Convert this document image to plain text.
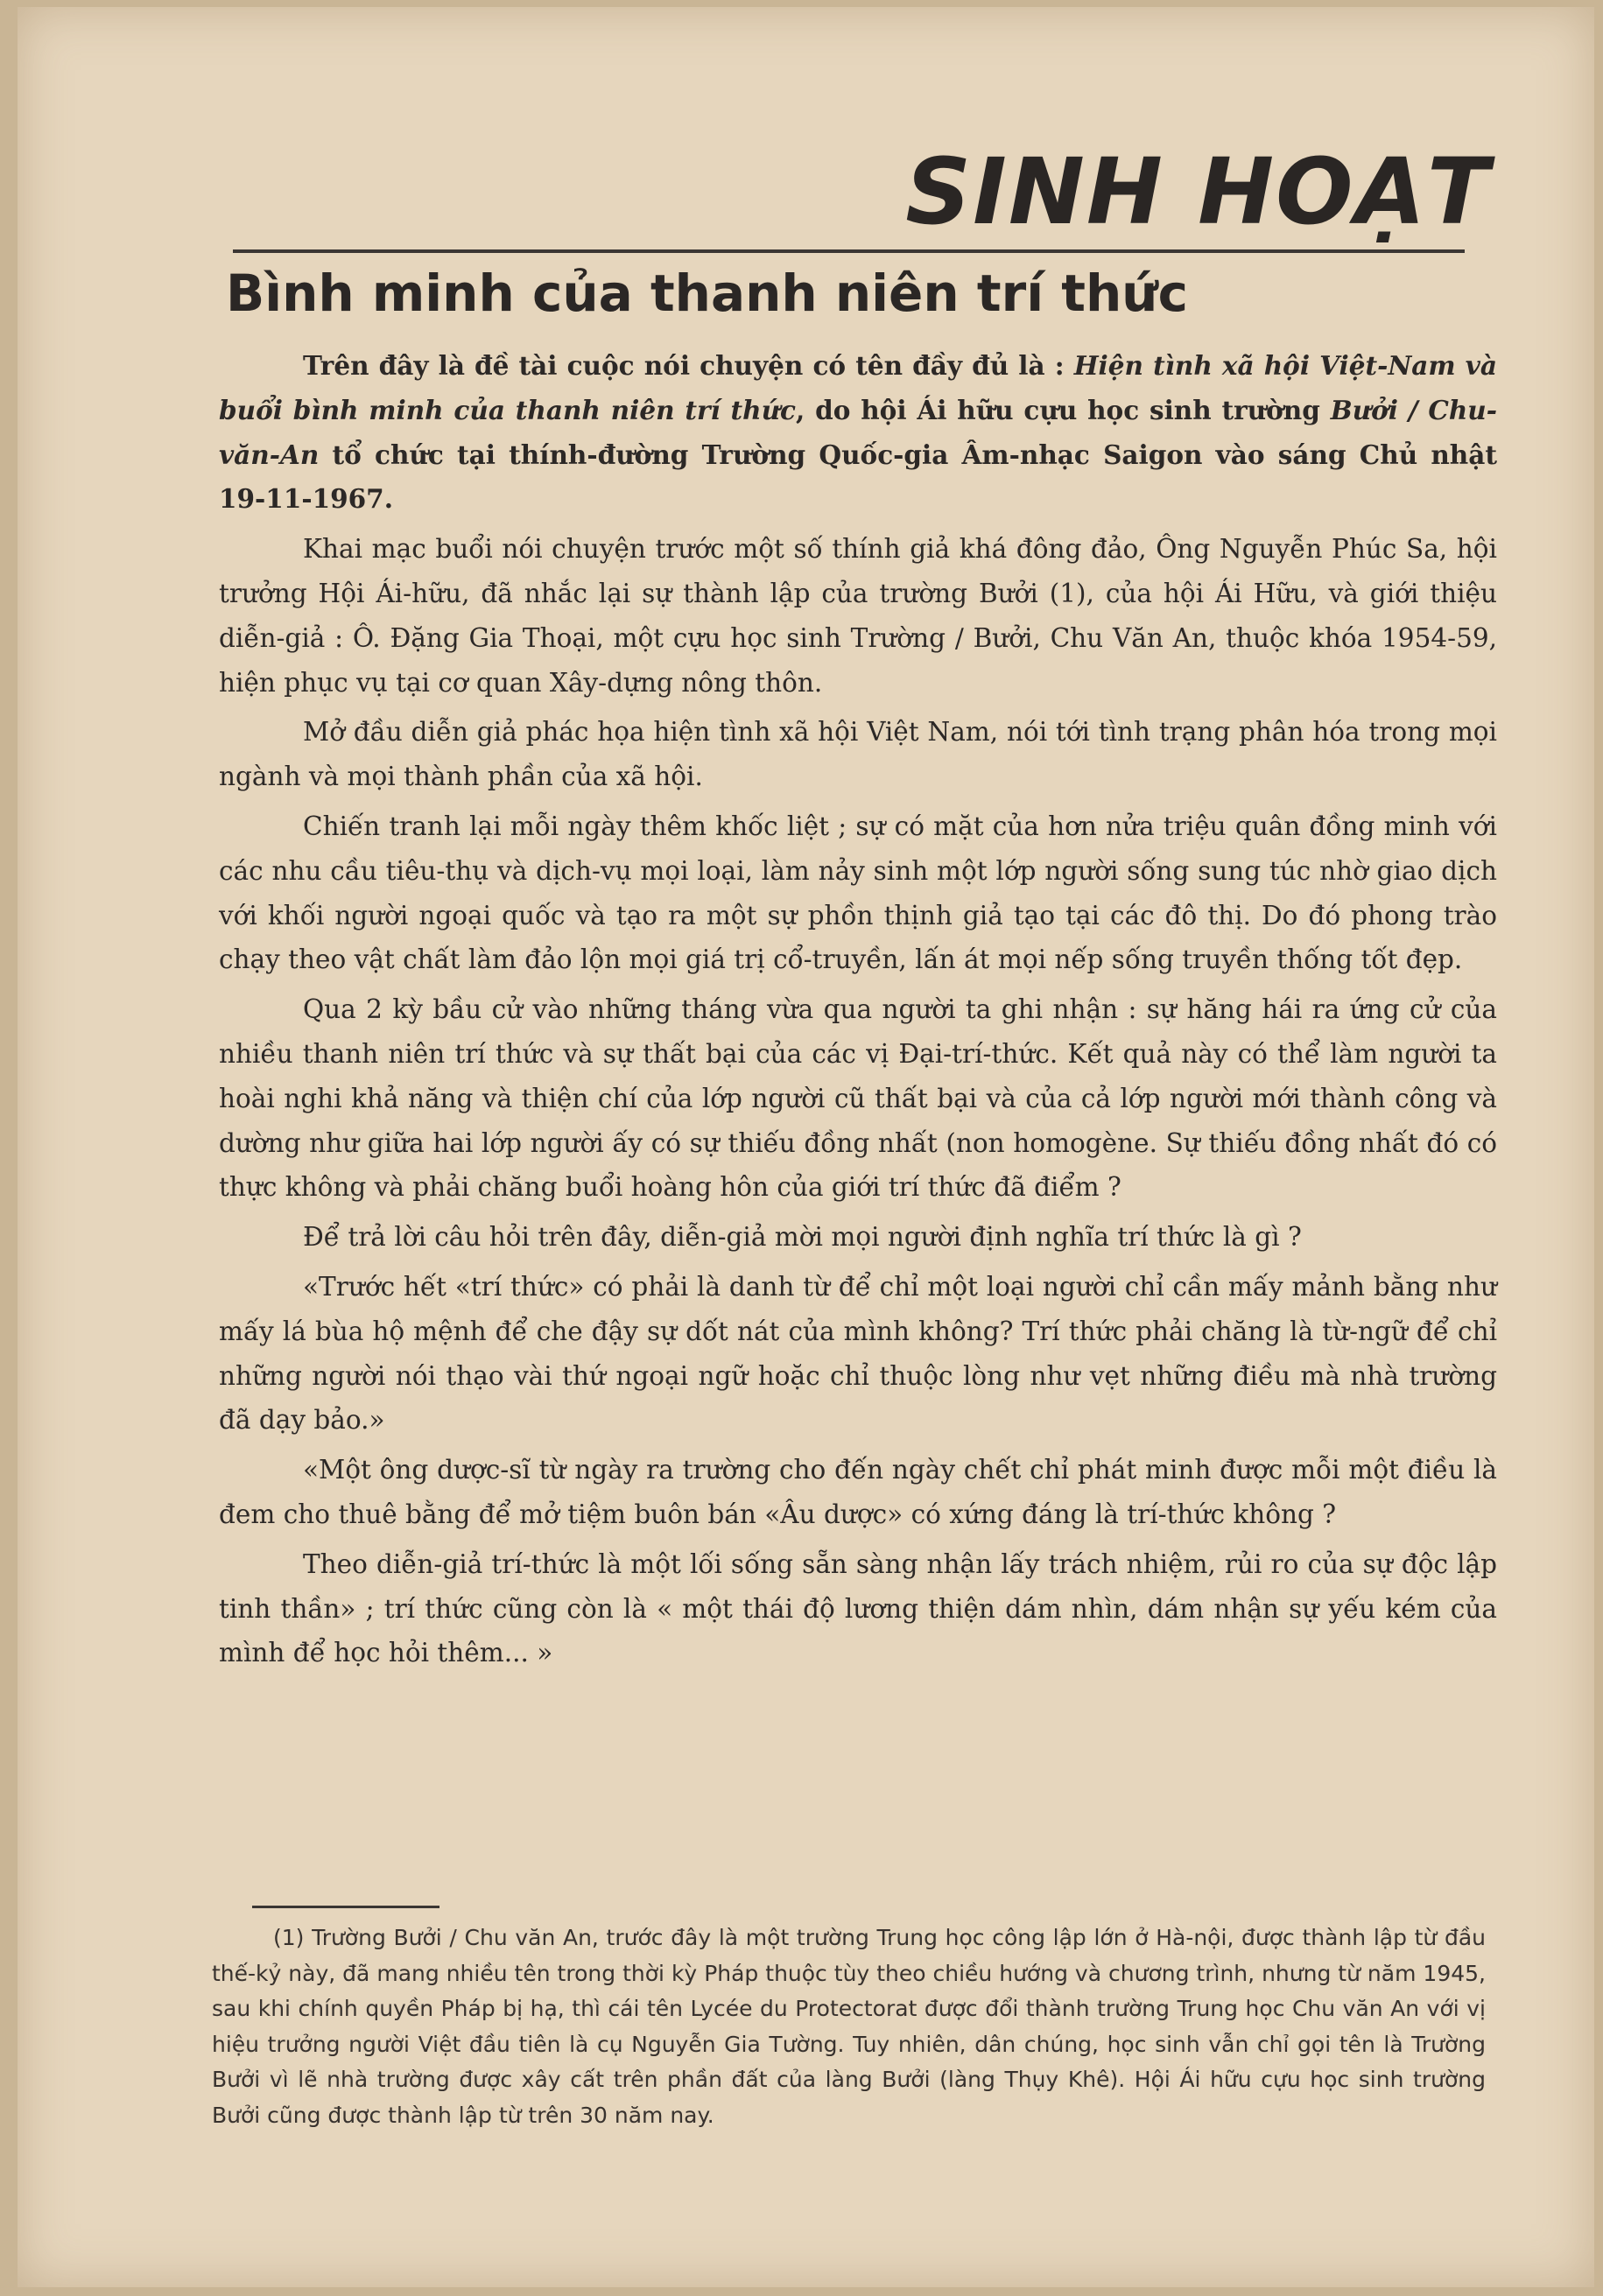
SINH HOẠT
Bình minh của thanh niên trí thức

Trên đây là đề tài cuộc nói chuyện có tên đầy đủ là : Hiện tình xã hội Việt-Nam và buổi bình minh của thanh niên trí thức, do hội Ái hữu cựu học sinh trường Bưởi / Chu-văn-An tổ chức tại thính-đường Trường Quốc-gia Âm-nhạc Saigon vào sáng Chủ nhật 19-11-1967.

Khai mạc buổi nói chuyện trước một số thính giả khá đông đảo, Ông Nguyễn Phúc Sa, hội trưởng Hội Ái-hữu, đã nhắc lại sự thành lập của trường Bưởi (1), của hội Ái Hữu, và giới thiệu diễn-giả : Ô. Đặng Gia Thoại, một cựu học sinh Trường / Bưởi, Chu Văn An, thuộc khóa 1954-59, hiện phục vụ tại cơ quan Xây-dựng nông thôn.

Mở đầu diễn giả phác họa hiện tình xã hội Việt Nam, nói tới tình trạng phân hóa trong mọi ngành và mọi thành phần của xã hội.

Chiến tranh lại mỗi ngày thêm khốc liệt ; sự có mặt của hơn nửa triệu quân đồng minh với các nhu cầu tiêu-thụ và dịch-vụ mọi loại, làm nảy sinh một lớp người sống sung túc nhờ giao dịch với khối người ngoại quốc và tạo ra một sự phồn thịnh giả tạo tại các đô thị. Do đó phong trào chạy theo vật chất làm đảo lộn mọi giá trị cổ-truyền, lấn át mọi nếp sống truyền thống tốt đẹp.

Qua 2 kỳ bầu cử vào những tháng vừa qua người ta ghi nhận : sự hăng hái ra ứng cử của nhiều thanh niên trí thức và sự thất bại của các vị Đại-trí-thức. Kết quả này có thể làm người ta hoài nghi khả năng và thiện chí của lớp người cũ thất bại và của cả lớp người mới thành công và dường như giữa hai lớp người ấy có sự thiếu đồng nhất (non homogène. Sự thiếu đồng nhất đó có thực không và phải chăng buổi hoàng hôn của giới trí thức đã điểm ?

Để trả lời câu hỏi trên đây, diễn-giả mời mọi người định nghĩa trí thức là gì ?

«Trước hết «trí thức» có phải là danh từ để chỉ một loại người chỉ cần mấy mảnh bằng như mấy lá bùa hộ mệnh để che đậy sự dốt nát của mình không? Trí thức phải chăng là từ-ngữ để chỉ những người nói thạo vài thứ ngoại ngữ hoặc chỉ thuộc lòng như vẹt những điều mà nhà trường đã dạy bảo.»

«Một ông dược-sĩ từ ngày ra trường cho đến ngày chết chỉ phát minh được mỗi một điều là đem cho thuê bằng để mở tiệm buôn bán «Âu dược» có xứng đáng là trí-thức không ?

Theo diễn-giả trí-thức là một lối sống sẵn sàng nhận lấy trách nhiệm, rủi ro của sự độc lập tinh thần» ; trí thức cũng còn là « một thái độ lương thiện dám nhìn, dám nhận sự yếu kém của mình để học hỏi thêm... »

(1) Trường Bưởi / Chu văn An, trước đây là một trường Trung học công lập lớn ở Hà-nội, được thành lập từ đầu thế-kỷ này, đã mang nhiều tên trong thời kỳ Pháp thuộc tùy theo chiều hướng và chương trình, nhưng từ năm 1945, sau khi chính quyền Pháp bị hạ, thì cái tên Lycée du Protectorat được đổi thành trường Trung học Chu văn An với vị hiệu trưởng người Việt đầu tiên là cụ Nguyễn Gia Tường. Tuy nhiên, dân chúng, học sinh vẫn chỉ gọi tên là Trường Bưởi vì lẽ nhà trường được xây cất trên phần đất của làng Bưởi (làng Thụy Khê). Hội Ái hữu cựu học sinh trường Bưởi cũng được thành lập từ trên 30 năm nay.
